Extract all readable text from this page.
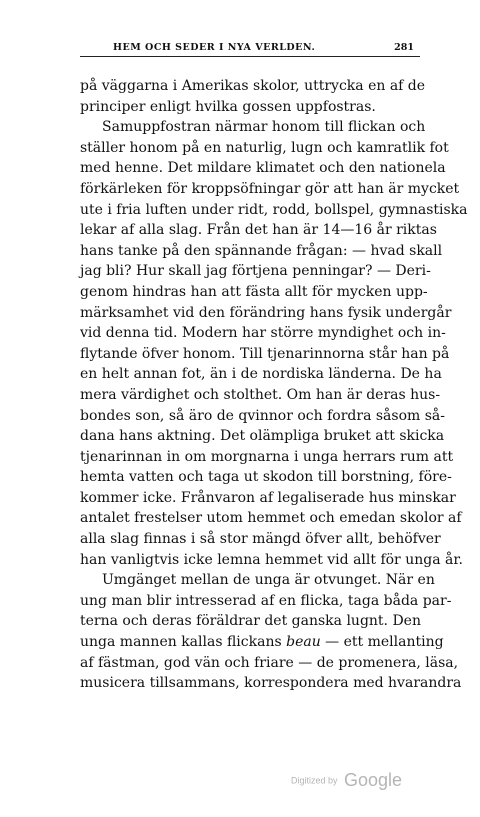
HEM OCH SEDER I NYA VERLDEN.	281
på väggarna i Amerikas skolor, uttrycka en af de
principer enligt hvilka gossen uppfostras.
Samuppfostran närmar honom till flickan och
ställer honom på en naturlig, lugn och kamratlik fot
med henne. Det mildare klimatet och den nationela
förkärleken för kroppsöfningar gör att han är mycket
ute i fria luften under ridt, rodd, bollspel, gymnastiska
lekar af alla slag. Från det han är 14—16 år riktas
hans tanke på den spännande frågan: — hvad skall
jag bli? Hur skall jag förtjena penningar? — Deri-
genom hindras han att fästa allt för mycken upp-
märksamhet vid den förändring hans fysik undergår
vid denna tid. Modern har större myndighet och in-
flytande öfver honom. Till tjenarinnorna står han på
en helt annan fot, än i de nordiska länderna. De ha
mera värdighet och stolthet. Om han är deras hus-
bondes son, så äro de qvinnor och fordra såsom så-
dana hans aktning. Det olämpliga bruket att skicka
tjenarinnan in om morgnarna i unga herrars rum att
hemta vatten och taga ut skodon till borstning, före-
kommer icke. Frånvaron af legaliserade hus minskar
antalet frestelser utom hemmet och emedan skolor af
alla slag finnas i så stor mängd öfver allt, behöfver
han vanligtvis icke lemna hemmet vid allt för unga år.
Umgänget mellan de unga är otvunget. När en
ung man blir intresserad af en flicka, taga båda par-
terna och deras föräldrar det ganska lugnt. Den
unga mannen kallas flickans beau — ett mellanting
af fästman, god vän och friare — de promenera, läsa,
musicera tillsammans, korrespondera med hvarandra
Digitized by Google
